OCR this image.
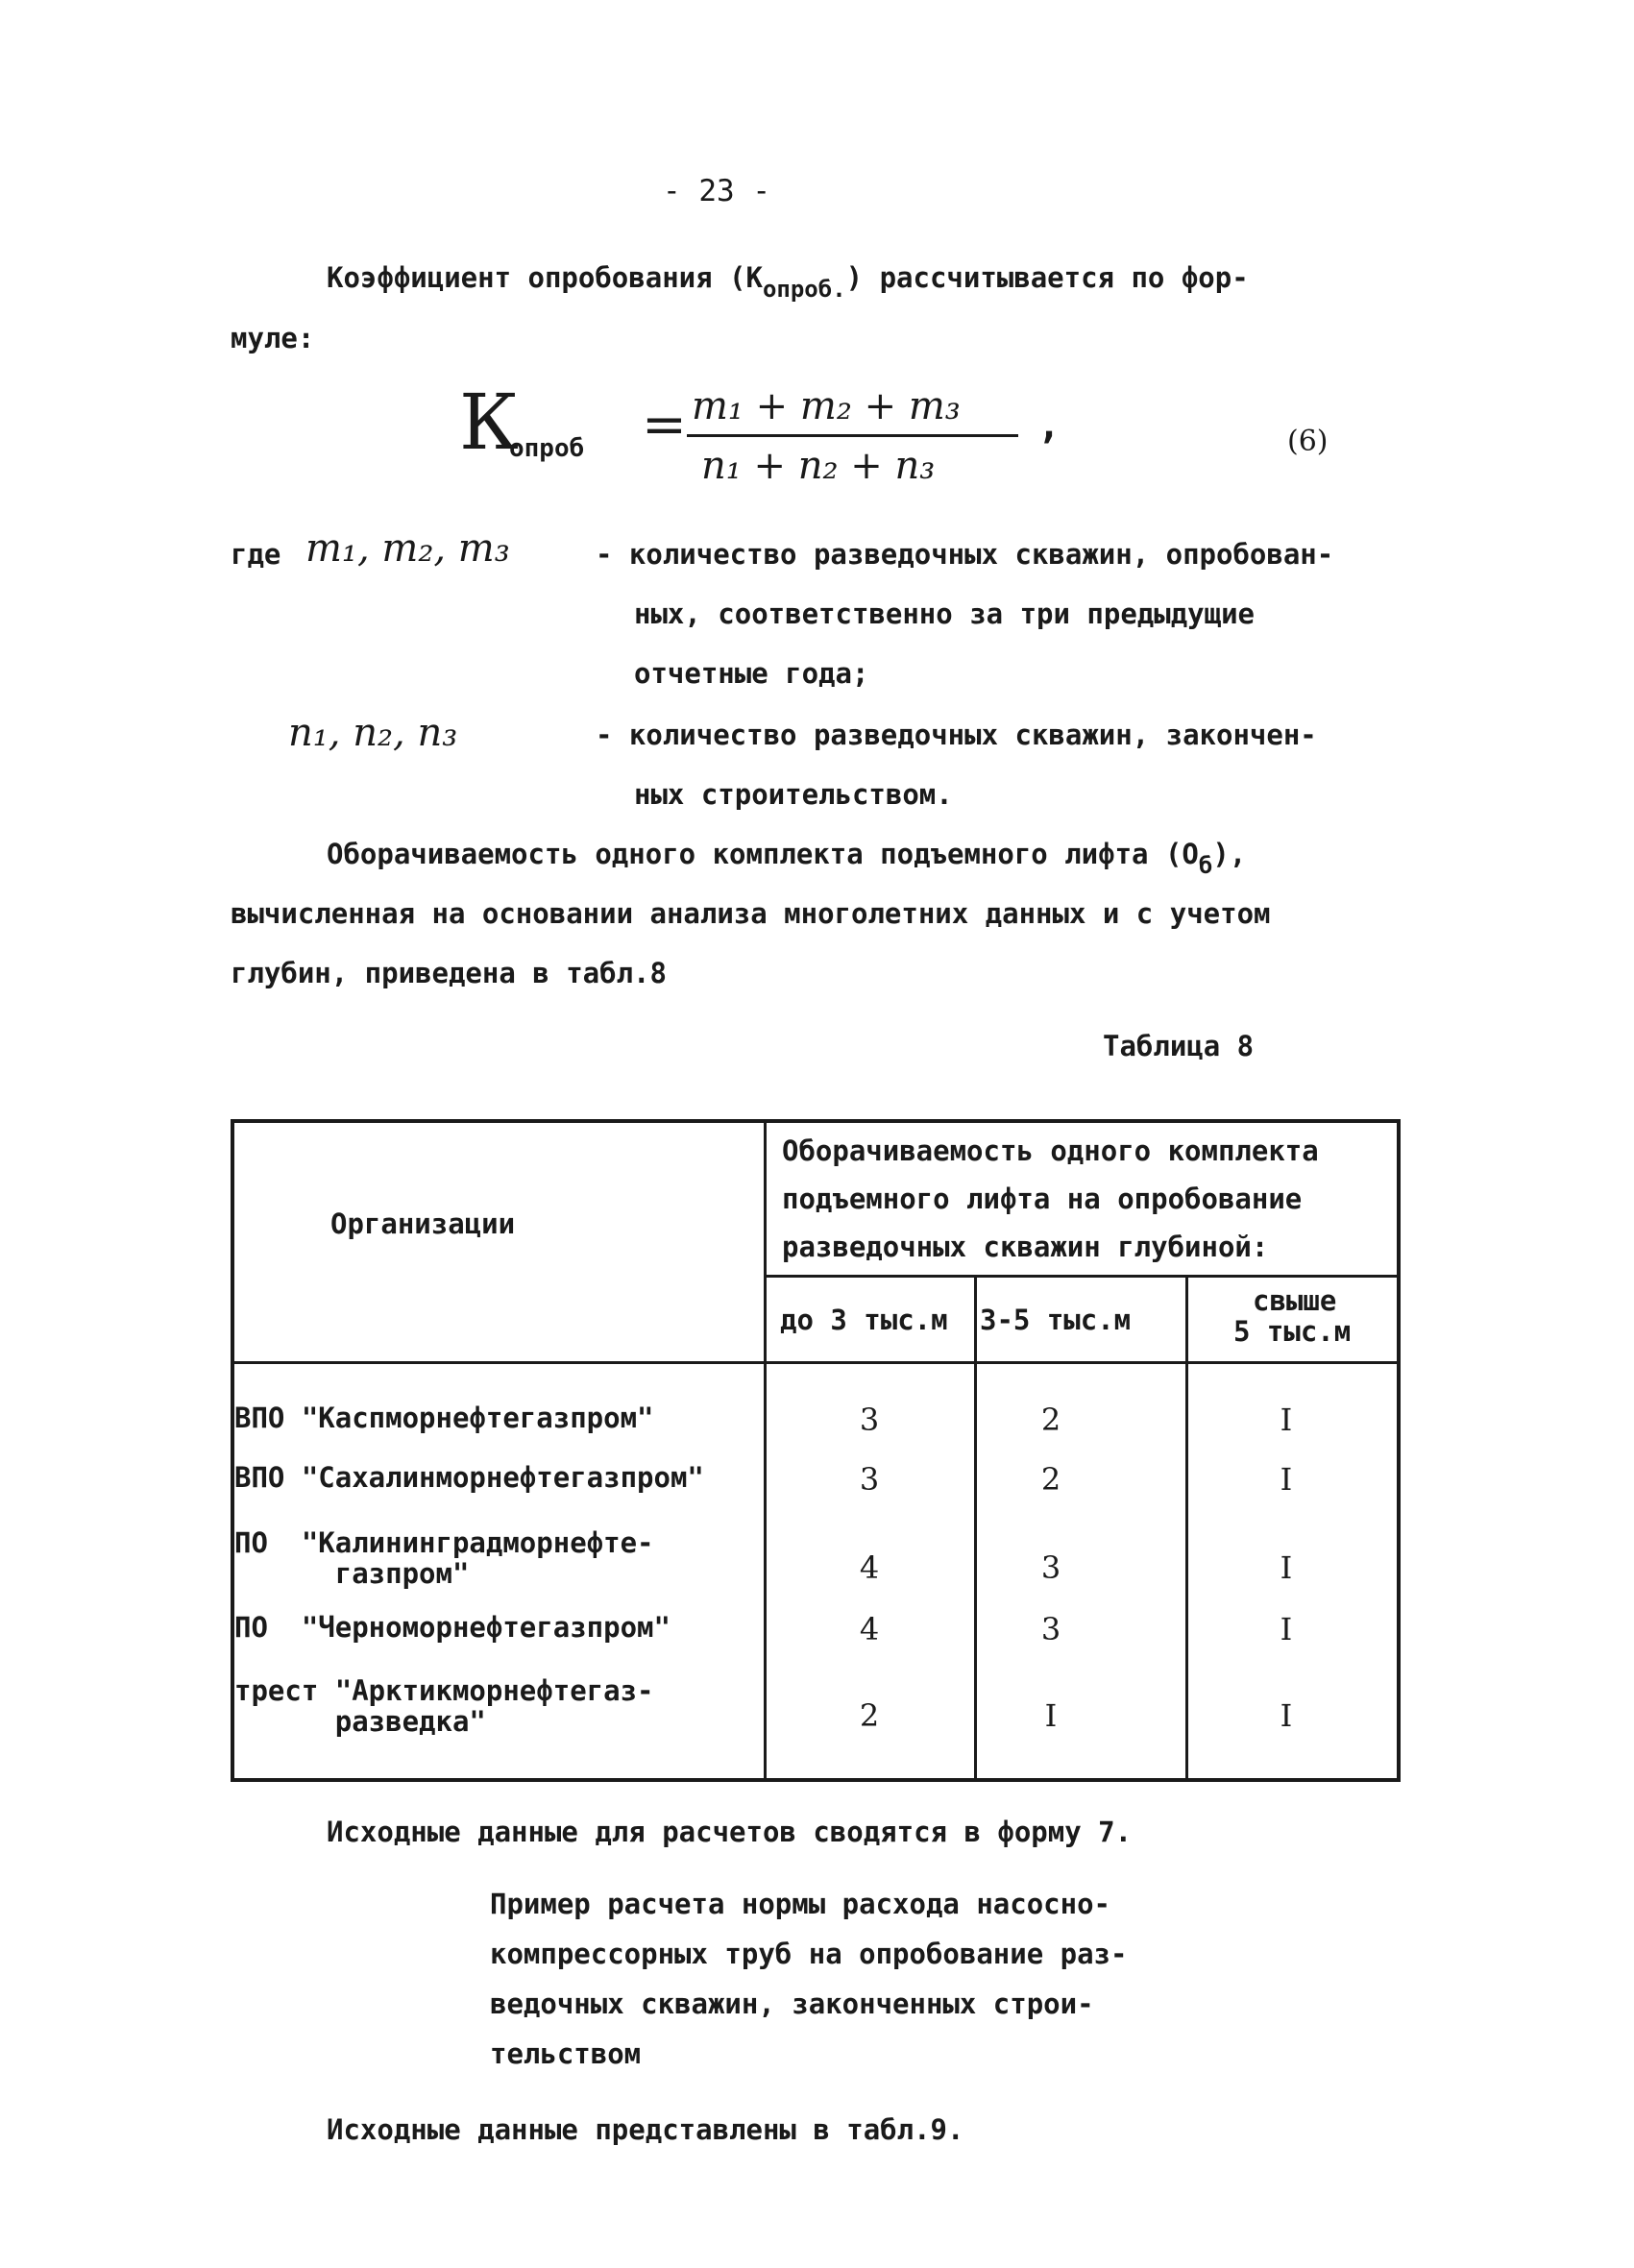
- 23 -
Коэффициент опробования $(К_{опроб.})$ рассчитывается по фор-
муле:
К
опроб = m₁ + m₂ + m₃
n₁ + n₂ + n₃
,	(6)
где m₁, m₂, m₃	- количество разведочных скважин, опробован-
ных, соответственно за три предыдущие
отчетные года;
n₁, n₂, n₃	- количество разведочных скважин, закончен-
ных строительством.
Оборачиваемость одного комплекта подъемного лифта $(О_б)$,
вычисленная на основании анализа многолетних данных и с учетом
глубин, приведена в табл.8
Таблица 8
Организации
Оборачиваемость одного комплекта
подъемного лифта на опробование
разведочных скважин глубиной:
до 3 тыс.м 3-5 тыс.м
свыше
5 тыс.м
ВПО "Каспморнефтегазпром"	3	2	I
ВПО "Сахалинморнефтегазпром"	3	2	I
ПО  "Калининградморнефте-
газпром"	4	3	I
ПО  "Черноморнефтегазпром"	4	3	I
трест "Арктикморнефтегаз-
разведка"	2	I	I
Исходные данные для расчетов сводятся в форму 7.
Пример расчета нормы расхода насосно-
компрессорных труб на опробование раз-
ведочных скважин, законченных строи-
тельством
Исходные данные представлены в табл.9.
